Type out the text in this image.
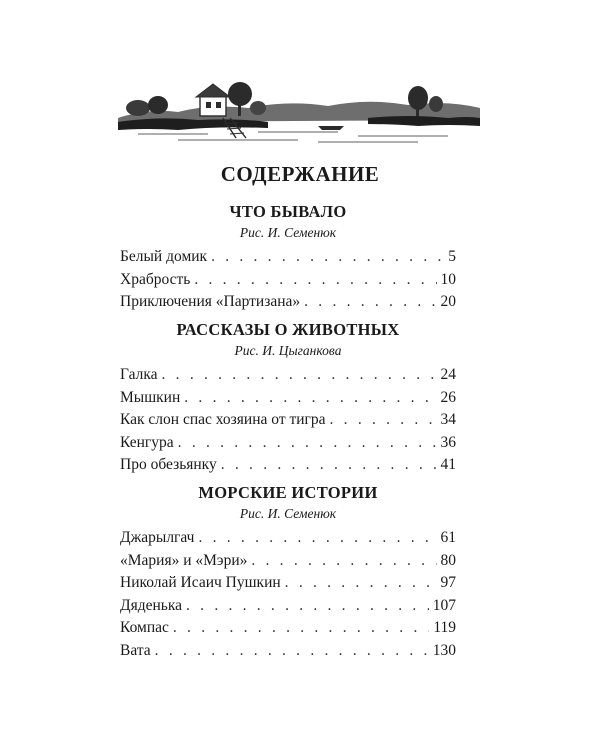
СОДЕРЖАНИЕ
ЧТО БЫВАЛО
Рис. И. Семенюк
Белый домик . . .	5
Храбрость . . .	10
Приключения «Партизана» . . .	20
РАССКАЗЫ О ЖИВОТНЫХ
Рис. И. Цыганкова
Галка . . .	24
Мышкин . . .	26
Как слон спас хозяина от тигра . . .	34
Кенгура . . .	36
Про обезьянку . . .	41
МОРСКИЕ ИСТОРИИ
Рис. И. Семенюк
Джарылгач . . .	61
«Мария» и «Мэри» . . .	80
Николай Исаич Пушкин . . .	97
Дяденька . . .	107
Компас . . .	119
Вата . . .	130
